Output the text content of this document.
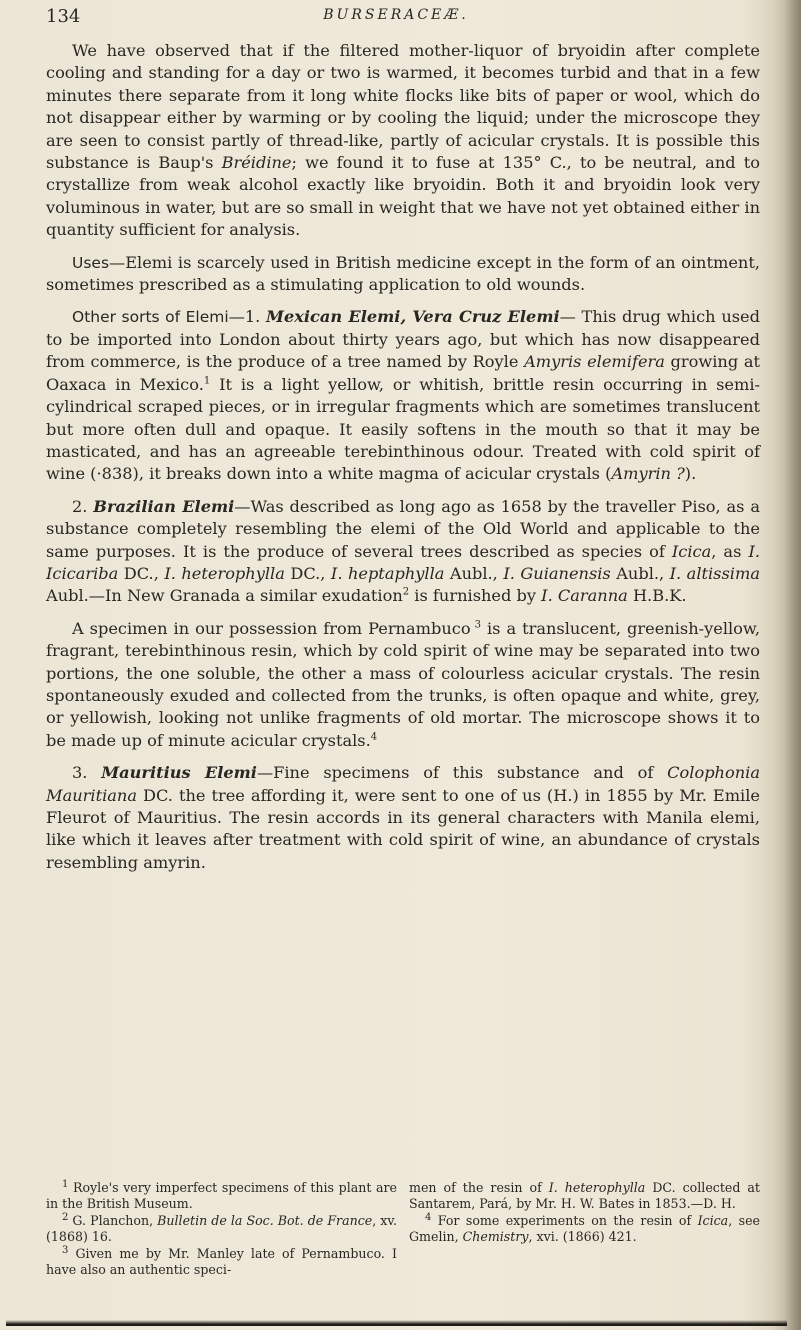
134	BURSERACEÆ.

We have observed that if the filtered mother-liquor of bryoidin after complete cooling and standing for a day or two is warmed, it becomes turbid and that in a few minutes there separate from it long white flocks like bits of paper or wool, which do not disappear either by warming or by cooling the liquid; under the microscope they are seen to consist partly of thread-like, partly of acicular crystals. It is possible this substance is Baup's Bréidine; we found it to fuse at 135° C., to be neutral, and to crystallize from weak alcohol exactly like bryoidin. Both it and bryoidin look very voluminous in water, but are so small in weight that we have not yet obtained either in quantity sufficient for analysis.

Uses—Elemi is scarcely used in British medicine except in the form of an ointment, sometimes prescribed as a stimulating application to old wounds.

Other sorts of Elemi—1. Mexican Elemi, Vera Cruz Elemi— This drug which used to be imported into London about thirty years ago, but which has now disappeared from commerce, is the produce of a tree named by Royle Amyris elemifera growing at Oaxaca in Mexico.$^1$ It is a light yellow, or whitish, brittle resin occurring in semi-cylindrical scraped pieces, or in irregular fragments which are sometimes translucent but more often dull and opaque. It easily softens in the mouth so that it may be masticated, and has an agreeable terebinthinous odour. Treated with cold spirit of wine (·838), it breaks down into a white magma of acicular crystals (Amyrin ?).

2. Brazilian Elemi—Was described as long ago as 1658 by the traveller Piso, as a substance completely resembling the elemi of the Old World and applicable to the same purposes. It is the produce of several trees described as species of Icica, as I. Icicariba DC., I. heterophylla DC., I. heptaphylla Aubl., I. Guianensis Aubl., I. altissima Aubl.—In New Granada a similar exudation$^2$ is furnished by I. Caranna H.B.K.

A specimen in our possession from Pernambuco $^3$ is a translucent, greenish-yellow, fragrant, terebinthinous resin, which by cold spirit of wine may be separated into two portions, the one soluble, the other a mass of colourless acicular crystals. The resin spontaneously exuded and collected from the trunks, is often opaque and white, grey, or yellowish, looking not unlike fragments of old mortar. The microscope shows it to be made up of minute acicular crystals.$^4$

3. Mauritius Elemi—Fine specimens of this substance and of Colophonia Mauritiana DC. the tree affording it, were sent to one of us (H.) in 1855 by Mr. Emile Fleurot of Mauritius. The resin accords in its general characters with Manila elemi, like which it leaves after treatment with cold spirit of wine, an abundance of crystals resembling amyrin.

$^1$ Royle's very imperfect specimens of this plant are in the British Museum.

$^2$ G. Planchon, Bulletin de la Soc. Bot. de France, xv. (1868) 16.

$^3$ Given me by Mr. Manley late of Pernambuco. I have also an authentic speci-

men of the resin of I. heterophylla DC. collected at Santarem, Pará, by Mr. H. W. Bates in 1853.—D. H.

$^4$ For some experiments on the resin of Icica, see Gmelin, Chemistry, xvi. (1866) 421.
